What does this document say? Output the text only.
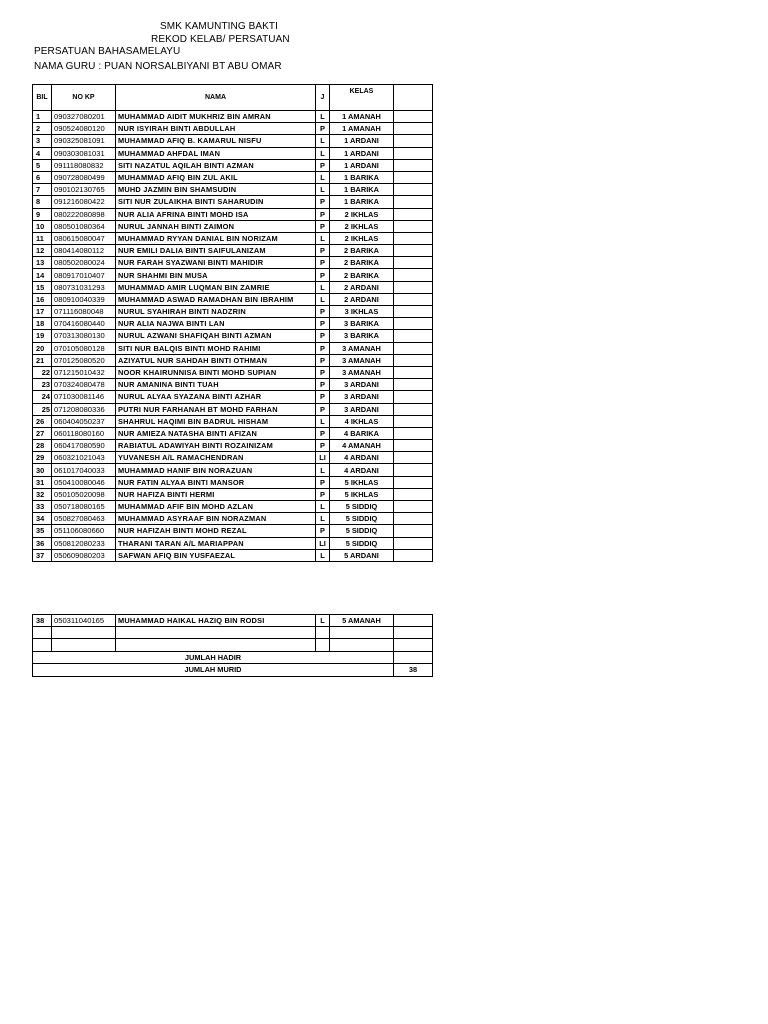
SMK KAMUNTING BAKTI
REKOD KELAB/ PERSATUAN
PERSATUAN BAHASAMELAYU
NAMA GURU : PUAN NORSALBIYANI BT ABU OMAR
BIL	NO KP	NAMA	J	KELAS	
1	090327080201	MUHAMMAD AIDIT MUKHRIZ BIN AMRAN	L	1 AMANAH	
2	090524080120	NUR ISYIRAH BINTI ABDULLAH	P	1 AMANAH	
3	090325081091	MUHAMMAD AFIQ B. KAMARUL NISFU	L	1 ARDANI	
4	090303081031	MUHAMMAD AHFDAL IMAN	L	1 ARDANI	
5	091118080832	SITI NAZATUL AQILAH BINTI AZMAN	P	1 ARDANI	
6	090728080499	MUHAMMAD AFIQ BIN ZUL AKIL	L	1 BARIKA	
7	090102130765	MUHD JAZMIN BIN SHAMSUDIN	L	1 BARIKA	
8	091216080422	SITI NUR ZULAIKHA BINTI SAHARUDIN	P	1 BARIKA	
9	080222080898	NUR ALIA AFRINA BINTI MOHD ISA	P	2 IKHLAS	
10	080501080364	NURUL JANNAH BINTI ZAIMON	P	2 IKHLAS	
11	080615080047	MUHAMMAD RYYAN DANIAL BIN NORIZAM	L	2 IKHLAS	
12	080414080112	NUR EMILI DALIA BINTI SAIFULANIZAM	P	2 BARIKA	
13	080502080024	NUR FARAH SYAZWANI BINTI MAHIDIR	P	2 BARIKA	
14	080917010407	NUR SHAHMI BIN MUSA	P	2 BARIKA	
15	080731031293	MUHAMMAD AMIR LUQMAN BIN ZAMRIE	L	2 ARDANI	
16	080910040339	MUHAMMAD ASWAD RAMADHAN BIN IBRAHIM	L	2 ARDANI	
17	071116080048	NURUL SYAHIRAH BINTI NADZRIN	P	3 IKHLAS	
18	070416080440	NUR ALIA NAJWA BINTI LAN	P	3 BARIKA	
19	070313080130	NURUL AZWANI SHAFIQAH BINTI AZMAN	P	3 BARIKA	
20	070105080128	SITI NUR BALQIS BINTI MOHD RAHIMI	P	3 AMANAH	
21	070125080520	AZIYATUL NUR SAHDAH BINTI OTHMAN	P	3 AMANAH	
22	071215010432	NOOR KHAIRUNNISA BINTI MOHD SUPIAN	P	3 AMANAH	
23	070324080478	NUR AMANINA BINTI TUAH	P	3 ARDANI	
24	071030081146	NURUL ALYAA SYAZANA BINTI AZHAR	P	3 ARDANI	
25	071208080336	PUTRI NUR FARHANAH BT MOHD FARHAN	P	3 ARDANI	
26	060404050237	SHAHRUL HAQIMI BIN BADRUL HISHAM	L	4 IKHLAS	
27	060118080160	NUR AMIEZA NATASHA BINTI AFIZAN	P	4 BARIKA	
28	060417080590	RABIATUL ADAWIYAH BINTI ROZAINIZAM	P	4 AMANAH	
29	060321021043	YUVANESH A/L RAMACHENDRAN	LI	4 ARDANI	
30	061017040033	MUHAMMAD HANIF BIN NORAZUAN	L	4 ARDANI	
31	050410080046	NUR FATIN ALYAA BINTI MANSOR	P	5 IKHLAS	
32	050105020098	NUR HAFIZA BINTI HERMI	P	5 IKHLAS	
33	050718080165	MUHAMMAD AFIF BIN MOHD AZLAN	L	5 SIDDIQ	
34	050827080463	MUHAMMAD ASYRAAF BIN NORAZMAN	L	5 SIDDIQ	
35	051106080660	NUR HAFIZAH BINTI MOHD REZAL	P	5 SIDDIQ	
36	050812080233	THARANI TARAN A/L MARIAPPAN	LI	5 SIDDIQ	
37	050609080203	SAFWAN AFIQ BIN YUSFAEZAL	L	5 ARDANI	
38	050311040165	MUHAMMAD HAIKAL HAZIQ BIN RODSI	L	5 AMANAH	

JUMLAH HADIR					
JUMLAH MURID					38
